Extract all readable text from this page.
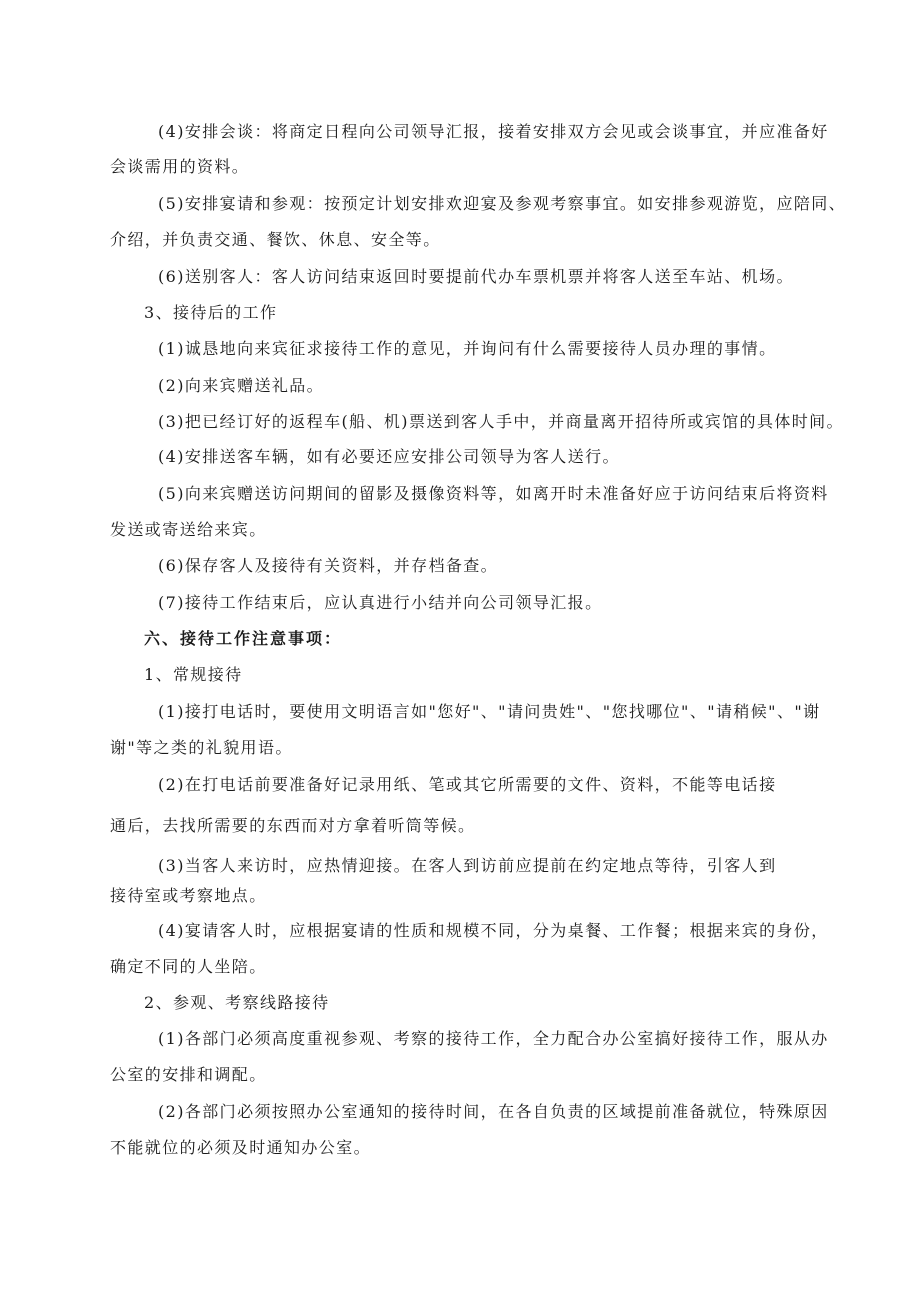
(4)安排会谈：将商定日程向公司领导汇报，接着安排双方会见或会谈事宜，并应准备好
会谈需用的资料。
(5)安排宴请和参观：按预定计划安排欢迎宴及参观考察事宜。如安排参观游览，应陪同、
介绍，并负责交通、餐饮、休息、安全等。
(6)送别客人：客人访问结束返回时要提前代办车票机票并将客人送至车站、机场。
3、接待后的工作
(1)诚恳地向来宾征求接待工作的意见，并询问有什么需要接待人员办理的事情。
(2)向来宾赠送礼品。
(3)把已经订好的返程车(船、机)票送到客人手中，并商量离开招待所或宾馆的具体时间。
(4)安排送客车辆，如有必要还应安排公司领导为客人送行。
(5)向来宾赠送访问期间的留影及摄像资料等，如离开时未准备好应于访问结束后将资料
发送或寄送给来宾。
(6)保存客人及接待有关资料，并存档备查。
(7)接待工作结束后，应认真进行小结并向公司领导汇报。
六、接待工作注意事项：
1、常规接待
(1)接打电话时，要使用文明语言如"您好"、"请问贵姓"、"您找哪位"、"请稍候"、"谢
谢"等之类的礼貌用语。
(2)在打电话前要准备好记录用纸、笔或其它所需要的文件、资料，不能等电话接
通后，去找所需要的东西而对方拿着听筒等候。
(3)当客人来访时，应热情迎接。在客人到访前应提前在约定地点等待，引客人到
接待室或考察地点。
(4)宴请客人时，应根据宴请的性质和规模不同，分为桌餐、工作餐；根据来宾的身份，
确定不同的人坐陪。
2、参观、考察线路接待
(1)各部门必须高度重视参观、考察的接待工作，全力配合办公室搞好接待工作，服从办
公室的安排和调配。
(2)各部门必须按照办公室通知的接待时间，在各自负责的区域提前准备就位，特殊原因
不能就位的必须及时通知办公室。
